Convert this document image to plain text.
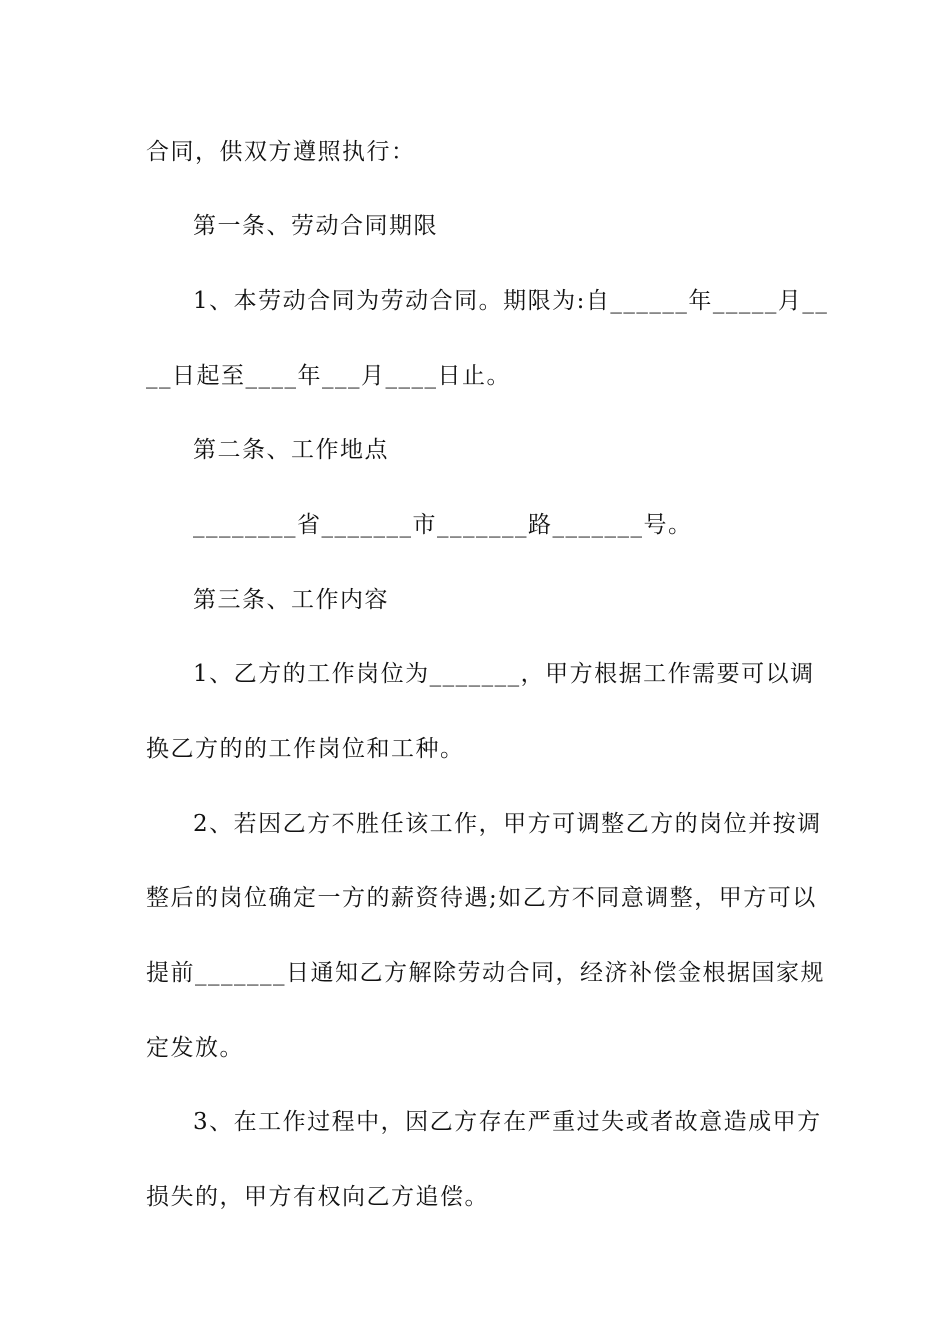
合同，供双方遵照执行：
第一条、劳动合同期限
1、本劳动合同为劳动合同。期限为:自______年_____月__
__日起至____年___月____日止。
第二条、工作地点
________省_______市_______路_______号。
第三条、工作内容
1、乙方的工作岗位为_______，甲方根据工作需要可以调
换乙方的的工作岗位和工种。
2、若因乙方不胜任该工作，甲方可调整乙方的岗位并按调
整后的岗位确定一方的薪资待遇;如乙方不同意调整，甲方可以
提前_______日通知乙方解除劳动合同，经济补偿金根据国家规
定发放。
3、在工作过程中，因乙方存在严重过失或者故意造成甲方
损失的，甲方有权向乙方追偿。
